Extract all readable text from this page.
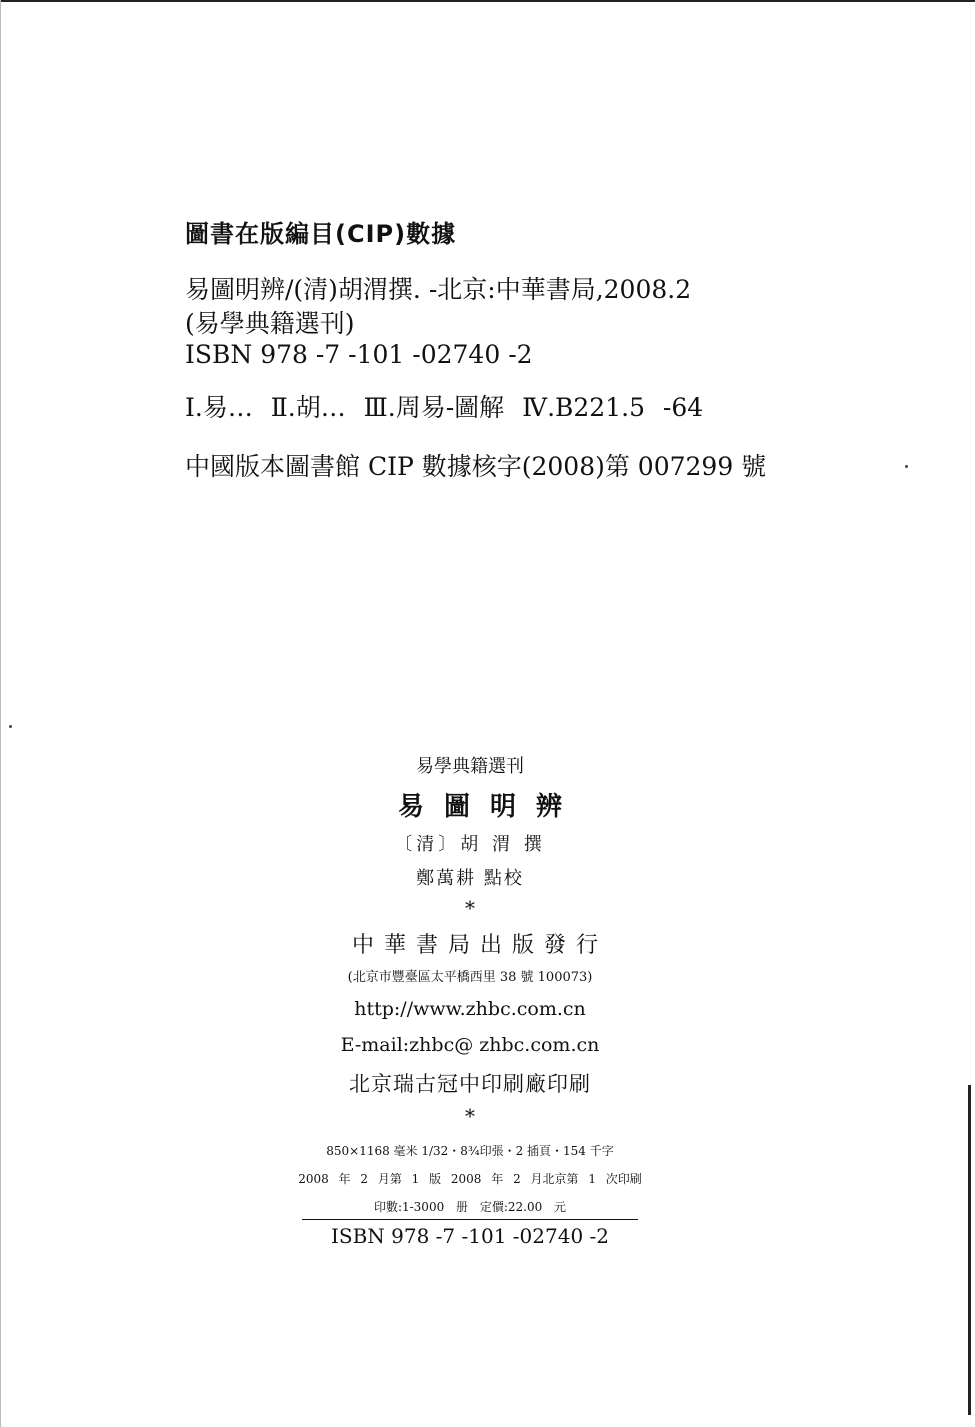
圖書在版編目(CIP)數據
易圖明辨/(清)胡渭撰. -北京:中華書局,2008.2
(易學典籍選刊)
ISBN 978 -7 -101 -02740 -2
I.易… Ⅱ.胡… Ⅲ.周易-圖解 Ⅳ.B221.5 -64
中國版本圖書館 CIP 數據核字(2008)第 007299 號
易學典籍選刊
易圖明辨
〔清〕胡 渭 撰
鄭萬耕 點校
*
中華書局出版發行
(北京市豐臺區太平橋西里 38 號 100073)
http://www.zhbc.com.cn
E-mail:zhbc@ zhbc.com.cn
北京瑞古冠中印刷廠印刷
*
850×1168 毫米 1/32・8¾印張・2 插頁・154 千字
2008 年 2 月第 1 版 2008 年 2 月北京第 1 次印刷
印數:1-3000 册 定價:22.00 元
ISBN 978 -7 -101 -02740 -2
